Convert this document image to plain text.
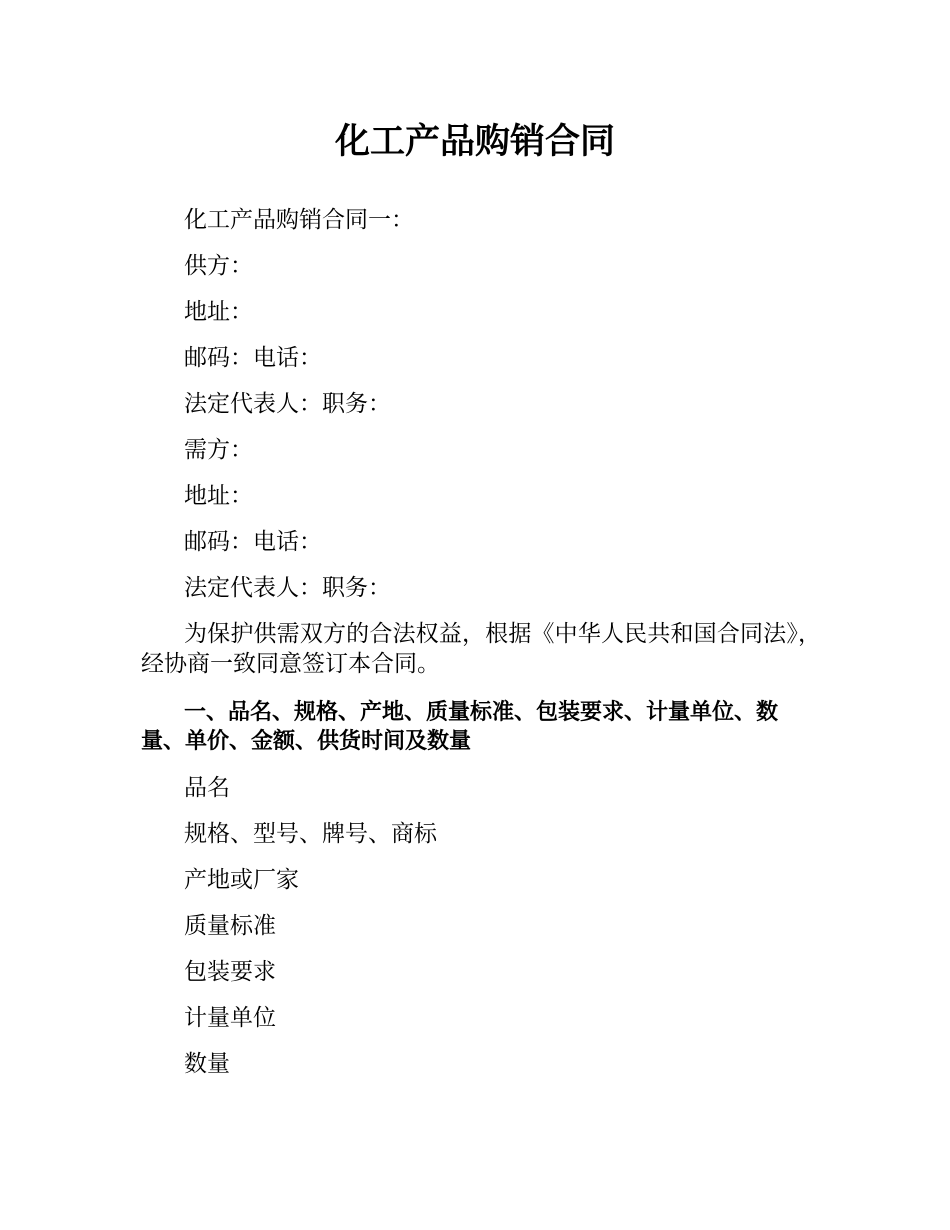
化工产品购销合同

化工产品购销合同一：

供方：

地址：

邮码：电话：

法定代表人：职务：

需方：

地址：

邮码：电话：

法定代表人：职务：

为保护供需双方的合法权益，根据《中华人民共和国合同法》，经协商一致同意签订本合同。

一、品名、规格、产地、质量标准、包装要求、计量单位、数量、单价、金额、供货时间及数量

品名

规格、型号、牌号、商标

产地或厂家

质量标准

包装要求

计量单位

数量
